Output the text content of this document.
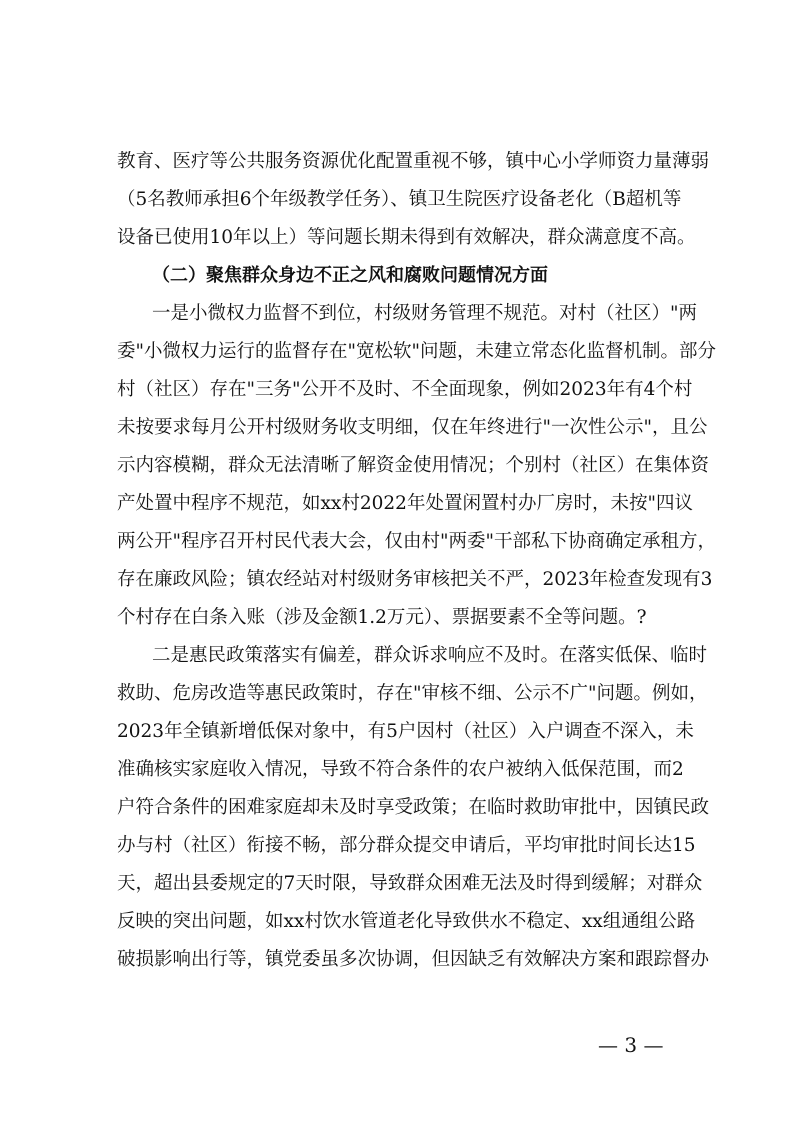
教育、医疗等公共服务资源优化配置重视不够，镇中心小学师资力量薄弱
（5名教师承担6个年级教学任务）、镇卫生院医疗设备老化（B超机等
设备已使用10年以上）等问题长期未得到有效解决，群众满意度不高。
（二）聚焦群众身边不正之风和腐败问题情况方面
一是小微权力监督不到位，村级财务管理不规范。对村（社区）"两
委"小微权力运行的监督存在"宽松软"问题，未建立常态化监督机制。部分
村（社区）存在"三务"公开不及时、不全面现象，例如2023年有4个村
未按要求每月公开村级财务收支明细，仅在年终进行"一次性公示"，且公
示内容模糊，群众无法清晰了解资金使用情况；个别村（社区）在集体资
产处置中程序不规范，如xx村2022年处置闲置村办厂房时，未按"四议
两公开"程序召开村民代表大会，仅由村"两委"干部私下协商确定承租方，
存在廉政风险；镇农经站对村级财务审核把关不严，2023年检查发现有3
个村存在白条入账（涉及金额1.2万元）、票据要素不全等问题。?
二是惠民政策落实有偏差，群众诉求响应不及时。在落实低保、临时
救助、危房改造等惠民政策时，存在"审核不细、公示不广"问题。例如，
2023年全镇新增低保对象中，有5户因村（社区）入户调查不深入，未
准确核实家庭收入情况，导致不符合条件的农户被纳入低保范围，而2
户符合条件的困难家庭却未及时享受政策；在临时救助审批中，因镇民政
办与村（社区）衔接不畅，部分群众提交申请后，平均审批时间长达15
天，超出县委规定的7天时限，导致群众困难无法及时得到缓解；对群众
反映的突出问题，如xx村饮水管道老化导致供水不稳定、xx组通组公路
破损影响出行等，镇党委虽多次协调，但因缺乏有效解决方案和跟踪督办
— 3 —
